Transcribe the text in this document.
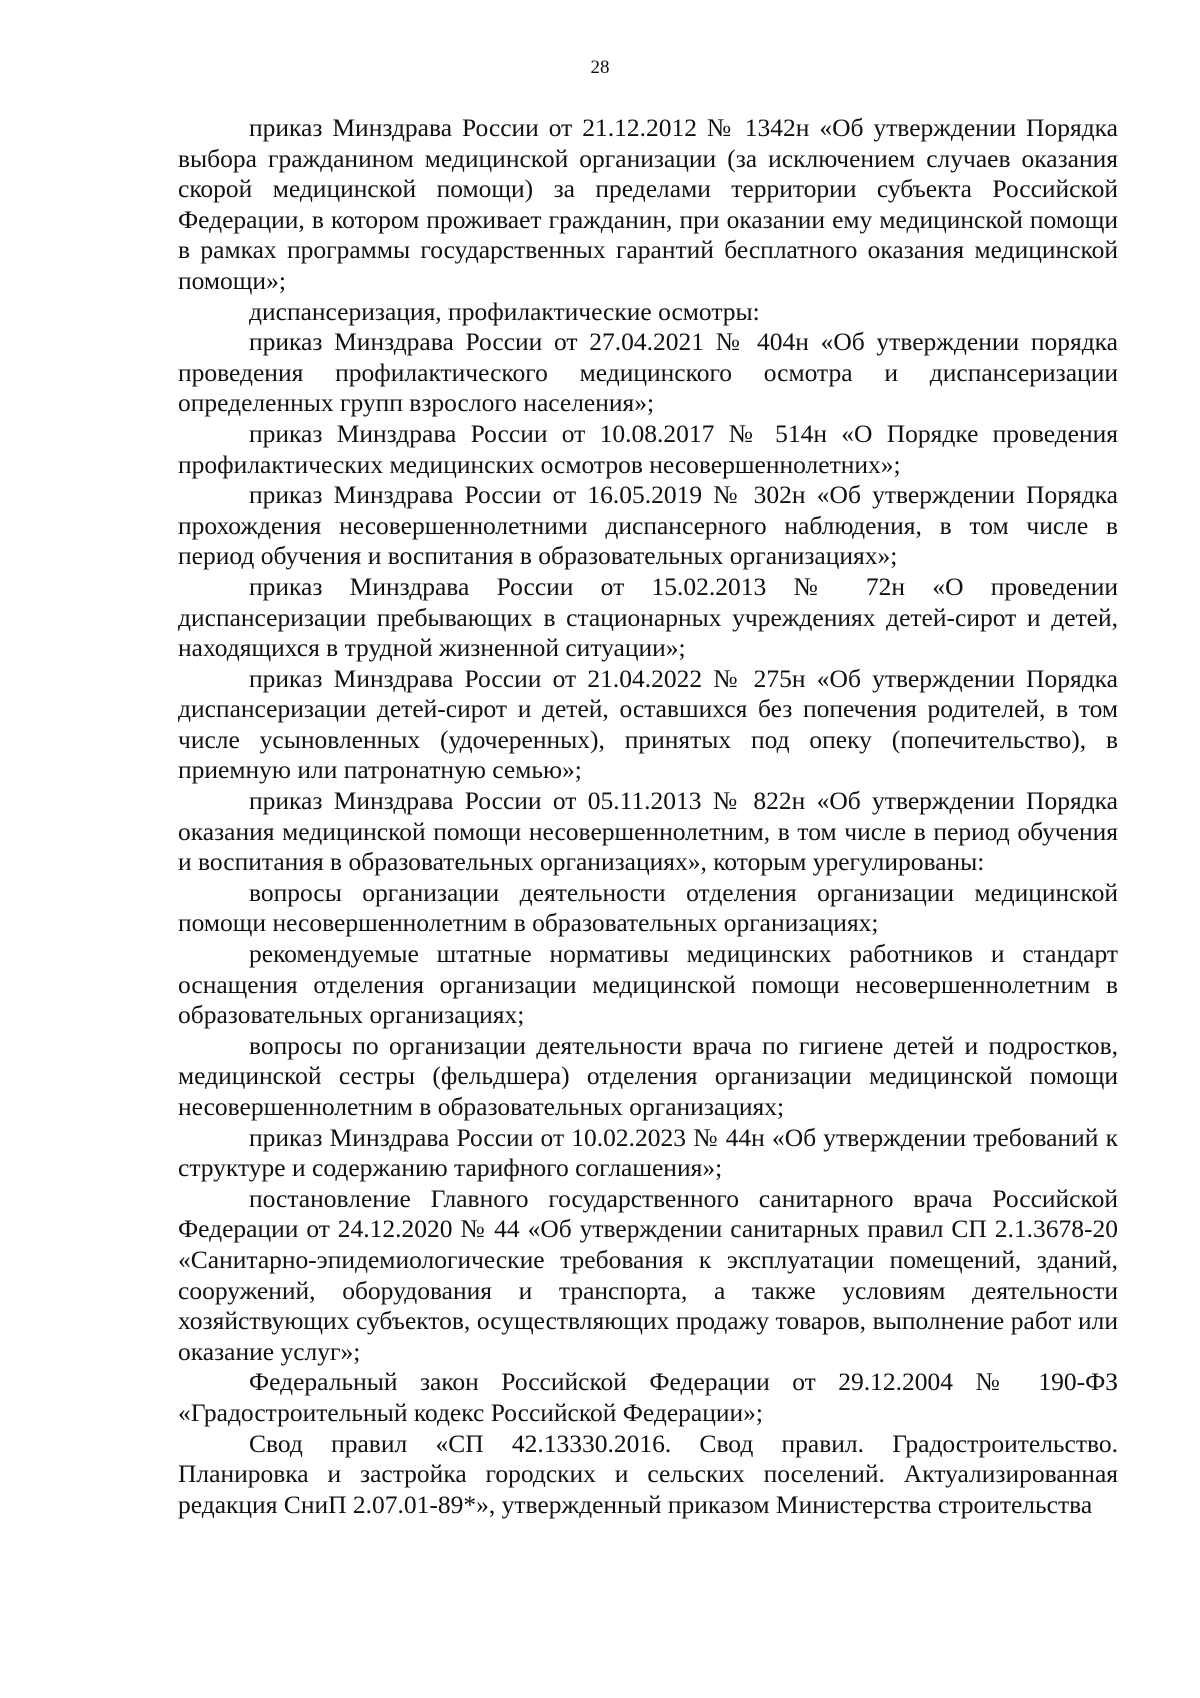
28

приказ Минздрава России от 21.12.2012 № 1342н «Об утверждении Порядка выбора гражданином медицинской организации (за исключением случаев оказания скорой медицинской помощи) за пределами территории субъекта Российской Федерации, в котором проживает гражданин, при оказании ему медицинской помощи в рамках программы государственных гарантий бесплатного оказания медицинской помощи»;

диспансеризация, профилактические осмотры:

приказ Минздрава России от 27.04.2021 № 404н «Об утверждении порядка проведения профилактического медицинского осмотра и диспансеризации определенных групп взрослого населения»;

приказ Минздрава России от 10.08.2017 № 514н «О Порядке проведения профилактических медицинских осмотров несовершеннолетних»;

приказ Минздрава России от 16.05.2019 № 302н «Об утверждении Порядка прохождения несовершеннолетними диспансерного наблюдения, в том числе в период обучения и воспитания в образовательных организациях»;

приказ Минздрава России от 15.02.2013 № 72н «О проведении диспансеризации пребывающих в стационарных учреждениях детей-сирот и детей, находящихся в трудной жизненной ситуации»;

приказ Минздрава России от 21.04.2022 № 275н «Об утверждении Порядка диспансеризации детей-сирот и детей, оставшихся без попечения родителей, в том числе усыновленных (удочеренных), принятых под опеку (попечительство), в приемную или патронатную семью»;

приказ Минздрава России от 05.11.2013 № 822н «Об утверждении Порядка оказания медицинской помощи несовершеннолетним, в том числе в период обучения и воспитания в образовательных организациях», которым урегулированы:

вопросы организации деятельности отделения организации медицинской помощи несовершеннолетним в образовательных организациях;

рекомендуемые штатные нормативы медицинских работников и стандарт оснащения отделения организации медицинской помощи несовершеннолетним в образовательных организациях;

вопросы по организации деятельности врача по гигиене детей и подростков, медицинской сестры (фельдшера) отделения организации медицинской помощи несовершеннолетним в образовательных организациях;

приказ Минздрава России от 10.02.2023 № 44н «Об утверждении требований к структуре и содержанию тарифного соглашения»;

постановление Главного государственного санитарного врача Российской Федерации от 24.12.2020 № 44 «Об утверждении санитарных правил СП 2.1.3678-20 «Санитарно-эпидемиологические требования к эксплуатации помещений, зданий, сооружений, оборудования и транспорта, а также условиям деятельности хозяйствующих субъектов, осуществляющих продажу товаров, выполнение работ или оказание услуг»;

Федеральный закон Российской Федерации от 29.12.2004 № 190-ФЗ «Градостроительный кодекс Российской Федерации»;

Свод правил «СП 42.13330.2016. Свод правил. Градостроительство. Планировка и застройка городских и сельских поселений. Актуализированная редакция СниП 2.07.01-89*», утвержденный приказом Министерства строительства
